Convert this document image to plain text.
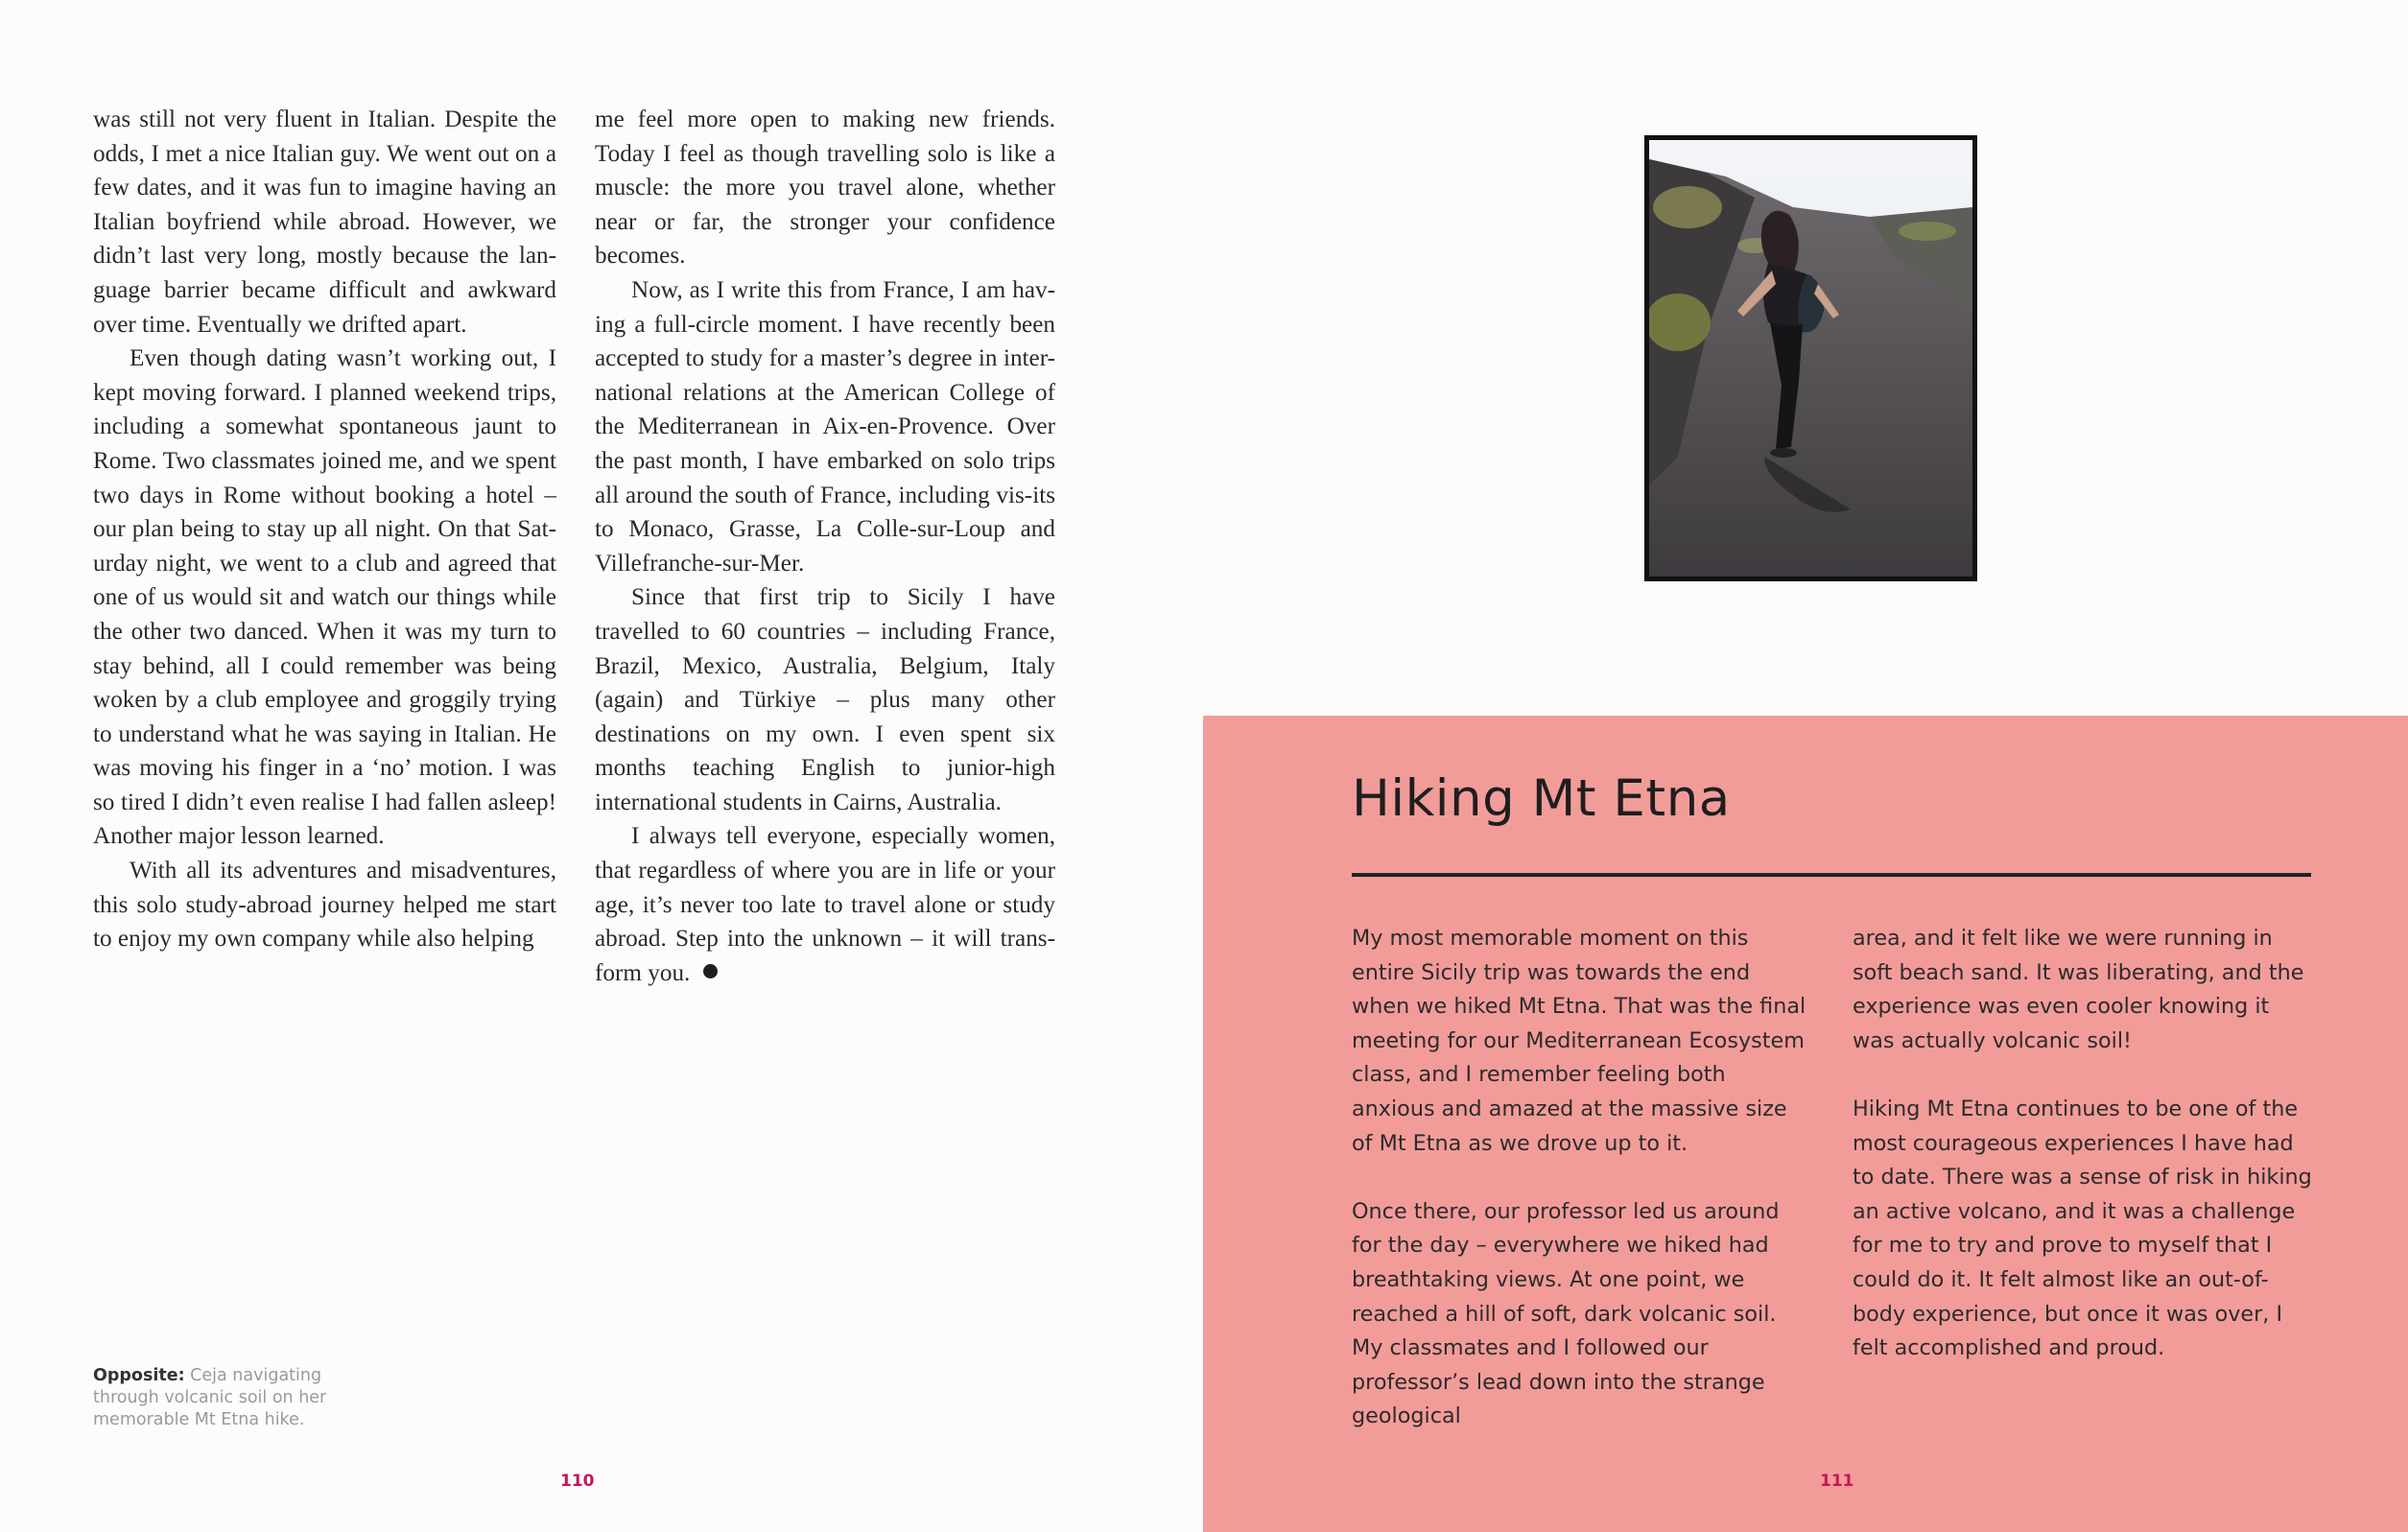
was still not very fluent in Italian. Despite the odds, I met a nice Italian guy. We went out on a few dates, and it was fun to imagine having an Italian boyfriend while abroad. However, we didn’t last very long, mostly because the lan-guage barrier became difficult and awkward over time. Eventually we drifted apart.

Even though dating wasn’t working out, I kept moving forward. I planned weekend trips, including a somewhat spontaneous jaunt to Rome. Two classmates joined me, and we spent two days in Rome without booking a hotel – our plan being to stay up all night. On that Sat-urday night, we went to a club and agreed that one of us would sit and watch our things while the other two danced. When it was my turn to stay behind, all I could remember was being woken by a club employee and groggily trying to understand what he was saying in Italian. He was moving his finger in a ‘no’ motion. I was so tired I didn’t even realise I had fallen asleep! Another major lesson learned.

With all its adventures and misadventures, this solo study-abroad journey helped me start to enjoy my own company while also helping

me feel more open to making new friends. Today I feel as though travelling solo is like a muscle: the more you travel alone, whether near or far, the stronger your confidence becomes.

Now, as I write this from France, I am hav-ing a full-circle moment. I have recently been accepted to study for a master’s degree in inter-national relations at the American College of the Mediterranean in Aix-en-Provence. Over the past month, I have embarked on solo trips all around the south of France, including vis-its to Monaco, Grasse, La Colle-sur-Loup and Villefranche-sur-Mer.

Since that first trip to Sicily I have travelled to 60 countries – including France, Brazil, Mexico, Australia, Belgium, Italy (again) and Türkiye – plus many other destinations on my own. I even spent six months teaching English to junior-high international students in Cairns, Australia.

I always tell everyone, especially women, that regardless of where you are in life or your age, it’s never too late to travel alone or study abroad. Step into the unknown – it will trans-form you.

Opposite: Ceja navigating through volcanic soil on her memorable Mt Etna hike.
110
Hiking Mt Etna

My most memorable moment on this entire Sicily trip was towards the end when we hiked Mt Etna. That was the final meeting for our Mediterranean Ecosystem class, and I remember feeling both anxious and amazed at the massive size of Mt Etna as we drove up to it.

Once there, our professor led us around for the day – everywhere we hiked had breathtaking views. At one point, we reached a hill of soft, dark volcanic soil. My classmates and I followed our professor’s lead down into the strange geological

area, and it felt like we were running in soft beach sand. It was liberating, and the experience was even cooler knowing it was actually volcanic soil!

Hiking Mt Etna continues to be one of the most courageous experiences I have had to date. There was a sense of risk in hiking an active volcano, and it was a challenge for me to try and prove to myself that I could do it. It felt almost like an out-of-body experience, but once it was over, I felt accomplished and proud.

111
